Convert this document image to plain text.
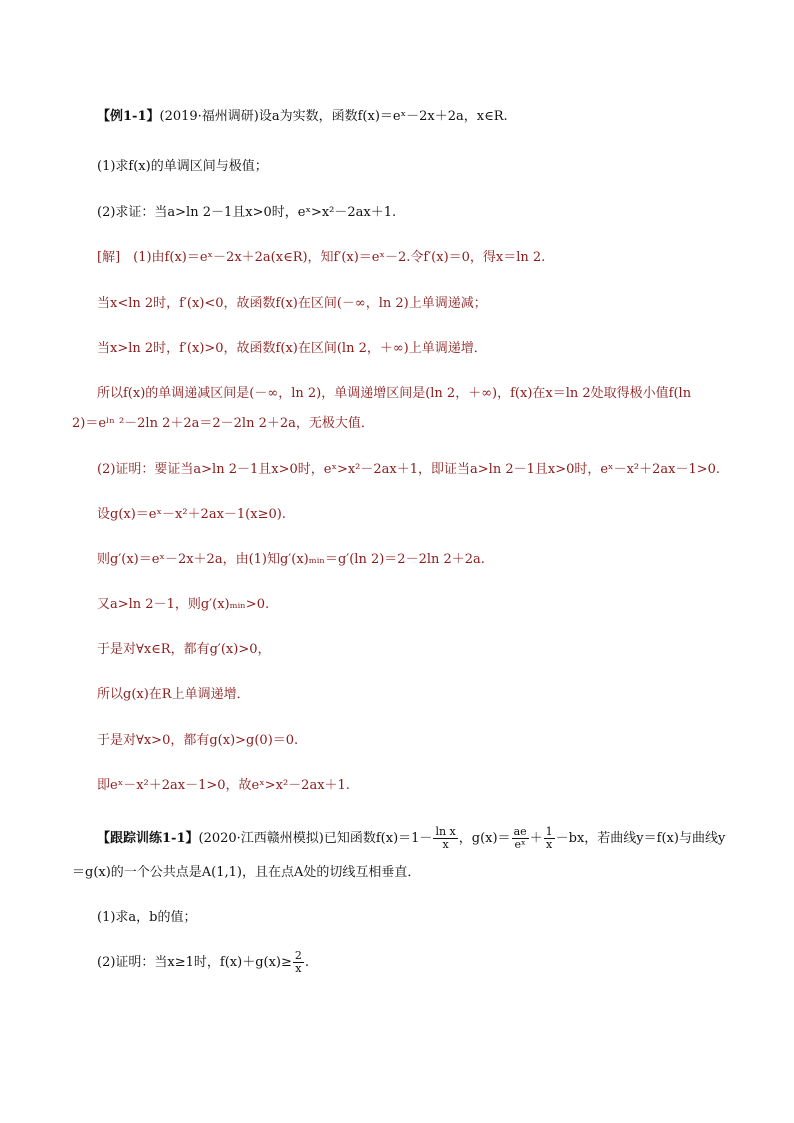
【例1-1】(2019·福州调研)设a为实数，函数f(x)＝eˣ－2x＋2a，x∈R.
(1)求f(x)的单调区间与极值；
(2)求证：当a>ln 2－1且x>0时，eˣ>x²－2ax＋1.
[解]　(1)由f(x)＝eˣ－2x＋2a(x∈R)，知f′(x)＝eˣ－2.令f′(x)＝0，得x＝ln 2.
当x<ln 2时，f′(x)<0，故函数f(x)在区间(－∞，ln 2)上单调递减；
当x>ln 2时，f′(x)>0，故函数f(x)在区间(ln 2，＋∞)上单调递增．
所以f(x)的单调递减区间是(－∞，ln 2)，单调递增区间是(ln 2，＋∞)，f(x)在x＝ln 2处取得极小值f(ln
2)＝eˡⁿ ²－2ln 2＋2a＝2－2ln 2＋2a，无极大值．
(2)证明：要证当a>ln 2－1且x>0时，eˣ>x²－2ax＋1，即证当a>ln 2－1且x>0时，eˣ－x²＋2ax－1>0.
设g(x)＝eˣ－x²＋2ax－1(x≥0).
则g′(x)＝eˣ－2x＋2a，由(1)知g′(x)ₘᵢₙ＝g′(ln 2)＝2－2ln 2＋2a.
又a>ln 2－1，则g′(x)ₘᵢₙ>0.
于是对∀x∈R，都有g′(x)>0，
所以g(x)在R上单调递增．
于是对∀x>0，都有g(x)>g(0)＝0.
即eˣ－x²＋2ax－1>0，故eˣ>x²－2ax＋1.
【跟踪训练1-1】(2020·江西赣州模拟)已知函数$f(x)=1- \frac{\text{ln x}}{x}$ ，$g(x)= \frac{ae}{\text{eˣ}} + \frac{1}{x} -bx$，若曲线y＝f(x)与曲线y
＝g(x)的一个公共点是A(1,1)，且在点A处的切线互相垂直．
(1)求a，b的值；
(2)证明：当x≥1时，$f(x)+g(x)\ge \frac{2}{x}$ .
